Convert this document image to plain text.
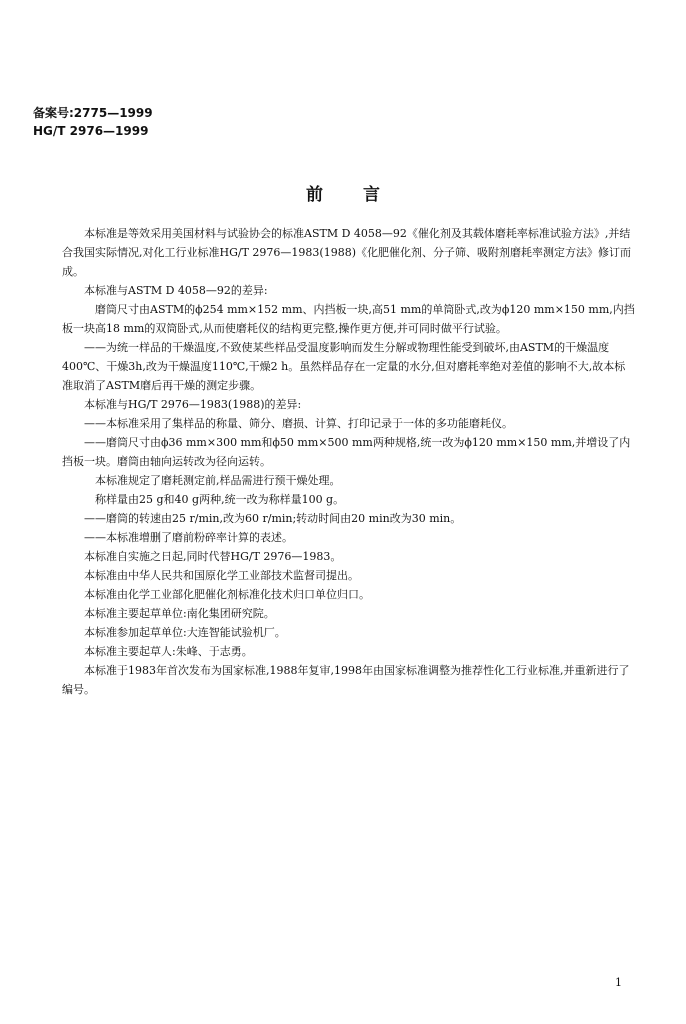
备案号:2775—1999
HG/T 2976—1999
前言

本标准是等效采用美国材料与试验协会的标准ASTM D 4058—92《催化剂及其载体磨耗率标准试验方法》,并结合我国实际情况,对化工行业标准HG/T 2976—1983(1988)《化肥催化剂、分子筛、吸附剂磨耗率测定方法》修订而成。

本标准与ASTM D 4058—92的差异:

磨筒尺寸由ASTM的ϕ254 mm×152 mm、内挡板一块,高51 mm的单筒卧式,改为ϕ120 mm×150 mm,内挡板一块高18 mm的双筒卧式,从而使磨耗仪的结构更完整,操作更方便,并可同时做平行试验。

——为统一样品的干燥温度,不致使某些样品受温度影响而发生分解或物理性能受到破坏,由ASTM的干燥温度400℃、干燥3h,改为干燥温度110℃,干燥2 h。虽然样品存在一定量的水分,但对磨耗率绝对差值的影响不大,故本标准取消了ASTM磨后再干燥的测定步骤。

本标准与HG/T 2976—1983(1988)的差异:

——本标准采用了集样品的称量、筛分、磨损、计算、打印记录于一体的多功能磨耗仪。

——磨筒尺寸由ϕ36 mm×300 mm和ϕ50 mm×500 mm两种规格,统一改为ϕ120 mm×150 mm,并增设了内挡板一块。磨筒由轴向运转改为径向运转。

本标准规定了磨耗测定前,样品需进行预干燥处理。

称样量由25 g和40 g两种,统一改为称样量100 g。

——磨筒的转速由25 r/min,改为60 r/min;转动时间由20 min改为30 min。

——本标准增删了磨前粉碎率计算的表述。

本标准自实施之日起,同时代替HG/T 2976—1983。

本标准由中华人民共和国原化学工业部技术监督司提出。

本标准由化学工业部化肥催化剂标准化技术归口单位归口。

本标准主要起草单位:南化集团研究院。

本标准参加起草单位:大连智能试验机厂。

本标准主要起草人:朱峰、于志勇。

本标准于1983年首次发布为国家标准,1988年复审,1998年由国家标准调整为推荐性化工行业标准,并重新进行了编号。

1
